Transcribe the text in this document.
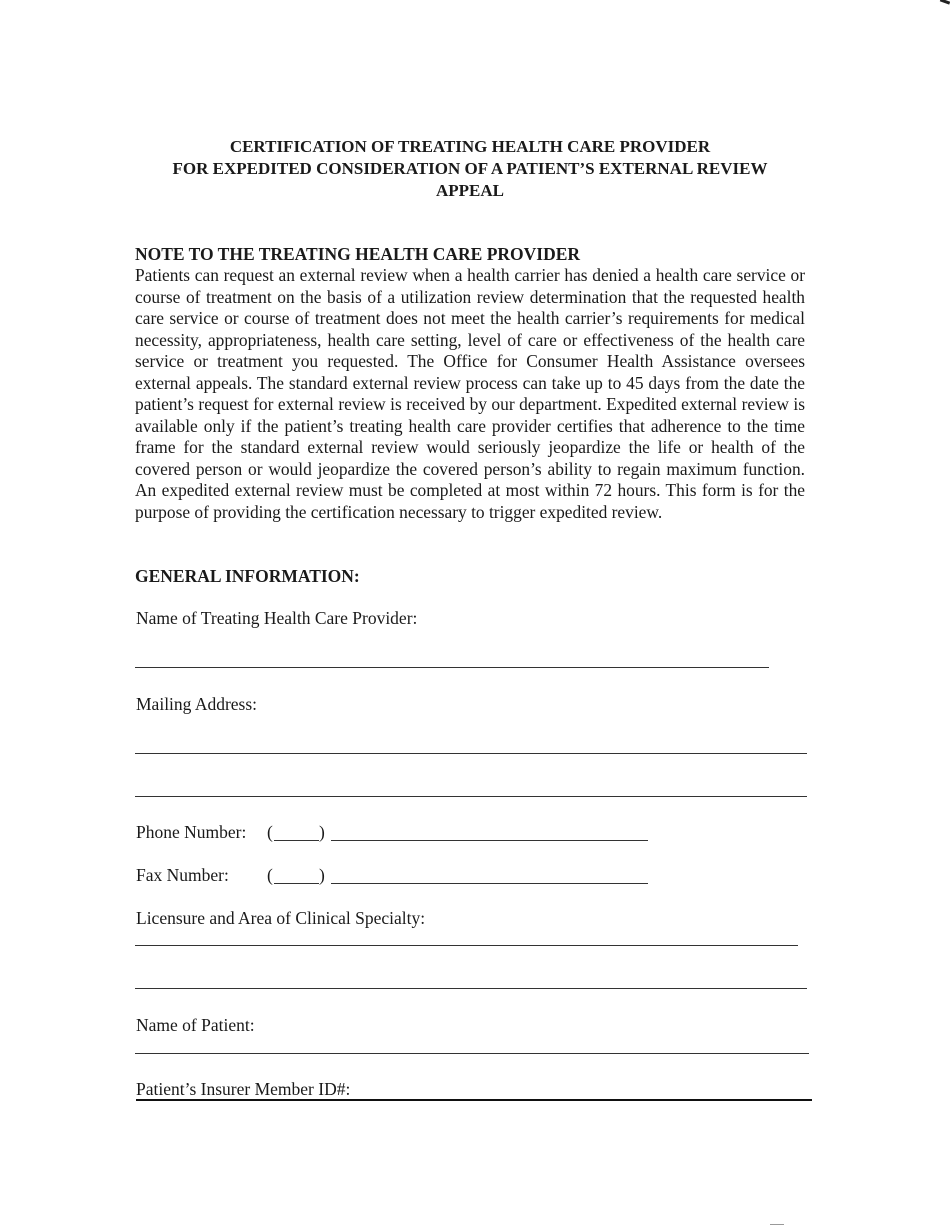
CERTIFICATION OF TREATING HEALTH CARE PROVIDER
FOR EXPEDITED CONSIDERATION OF A PATIENT’S EXTERNAL REVIEW
APPEAL
NOTE TO THE TREATING HEALTH CARE PROVIDER
Patients can request an external review when a health carrier has denied a health care service or course of treatment on the basis of a utilization review determination that the requested health care service or course of treatment does not meet the health carrier’s requirements for medical necessity, appropriateness, health care setting, level of care or effectiveness of the health care service or treatment you requested. The Office for Consumer Health Assistance oversees external appeals. The standard external review process can take up to 45 days from the date the patient’s request for external review is received by our department. Expedited external review is available only if the patient’s treating health care provider certifies that adherence to the time frame for the standard external review would seriously jeopardize the life or health of the covered person or would jeopardize the covered person’s ability to regain maximum function. An expedited external review must be completed at most within 72 hours. This form is for the purpose of providing the certification necessary to trigger expedited review.
GENERAL INFORMATION:
Name of Treating Health Care Provider:
Mailing Address:
Phone Number: (	)
Fax Number: (	)
Licensure and Area of Clinical Specialty:
Name of Patient:
Patient’s Insurer Member ID#:
